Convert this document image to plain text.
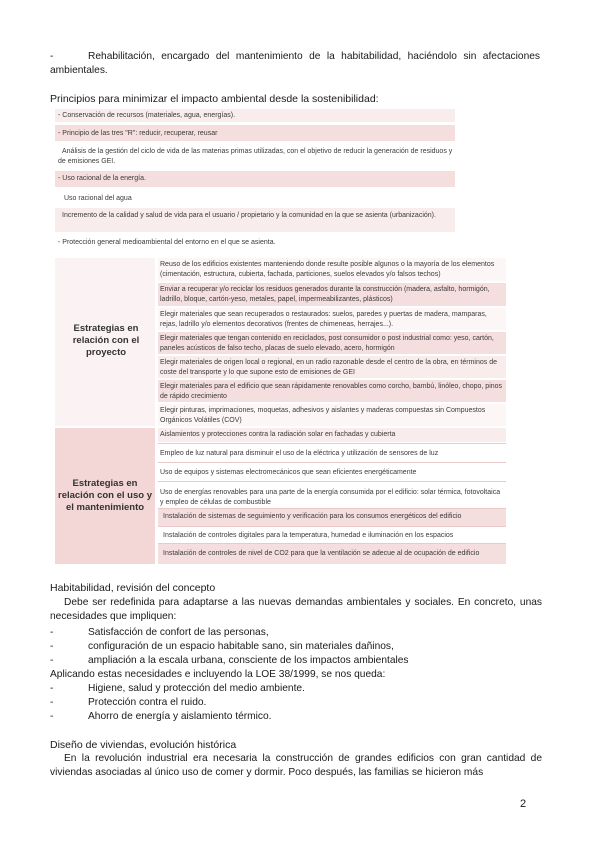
-	Rehabilitación, encargado del mantenimiento de la habitabilidad, haciéndolo sin afectaciones ambientales.
Principios para minimizar el impacto ambiental desde la sostenibilidad:
- Conservación de recursos (materiales, agua, energías).
- Principio de las tres "R": reducir, recuperar, reusar
Análisis de la gestión del ciclo de vida de las materias primas utilizadas, con el objetivo de reducir la generación de residuos y de emisiones GEI.
- Uso racional de la energía.
Uso racional del agua
Incremento de la calidad y salud de vida para el usuario / propietario y la comunidad en la que se asienta (urbanización).
- Protección general medioambiental del entorno en el que se asienta.
Estrategias en relación con el proyecto
Reuso de los edificios existentes manteniendo donde resulte posible algunos o la mayoría de los elementos (cimentación, estructura, cubierta, fachada, particiones, suelos elevados y/o falsos techos)
Enviar a recuperar y/o reciclar los residuos generados durante la construcción (madera, asfalto, hormigón, ladrillo, bloque, cartón-yeso, metales, papel, impermeabilizantes, plásticos)
Elegir materiales que sean recuperados o restaurados: suelos, paredes y puertas de madera, mamparas, rejas, ladrillo y/o elementos decorativos (frentes de chimeneas, herrajes...).
Elegir materiales que tengan contenido en reciclados, post consumidor o post industrial como: yeso, cartón, paneles acústicos de falso techo, placas de suelo elevado, acero, hormigón
Elegir materiales de origen local o regional, en un radio razonable desde el centro de la obra, en términos de coste del transporte y lo que supone esto de emisiones de GEI
Elegir materiales para el edificio que sean rápidamente renovables como corcho, bambú, linóleo, chopo, pinos de rápido crecimiento
Elegir pinturas, imprimaciones, moquetas, adhesivos y aislantes y maderas compuestas sin Compuestos Orgánicos Volátiles (COV)
Estrategias en relación con el uso y el mantenimiento
Aislamientos y protecciones contra la radiación solar en fachadas y cubierta
Empleo de luz natural para disminuir el uso de la eléctrica y utilización de sensores de luz
Uso de equipos y sistemas electromecánicos que sean eficientes energéticamente
Uso de energías renovables para una parte de la energía consumida por el edificio: solar térmica, fotovoltaica y empleo de células de combustible
Instalación de sistemas de seguimiento y verificación para los consumos energéticos del edificio
Instalación de controles digitales para la temperatura, humedad e iluminación en los espacios
Instalación de controles de nivel de CO2 para que la ventilación se adecue al de ocupación de edificio
Habitabilidad, revisión del concepto
Debe ser redefinida para adaptarse a las nuevas demandas ambientales y sociales. En concreto, unas necesidades que impliquen:
-	Satisfacción de confort de las personas,
-	configuración de un espacio habitable sano, sin materiales dañinos,
-	ampliación a la escala urbana, consciente de los impactos ambientales
Aplicando estas necesidades e incluyendo la LOE 38/1999, se nos queda:
-	Higiene, salud y protección del medio ambiente.
-	Protección contra el ruido.
-	Ahorro de energía y aislamiento térmico.
Diseño de viviendas, evolución histórica
En la revolución industrial era necesaria la construcción de grandes edificios con gran cantidad de viviendas asociadas al único uso de comer y dormir. Poco después, las familias se hicieron más
2
